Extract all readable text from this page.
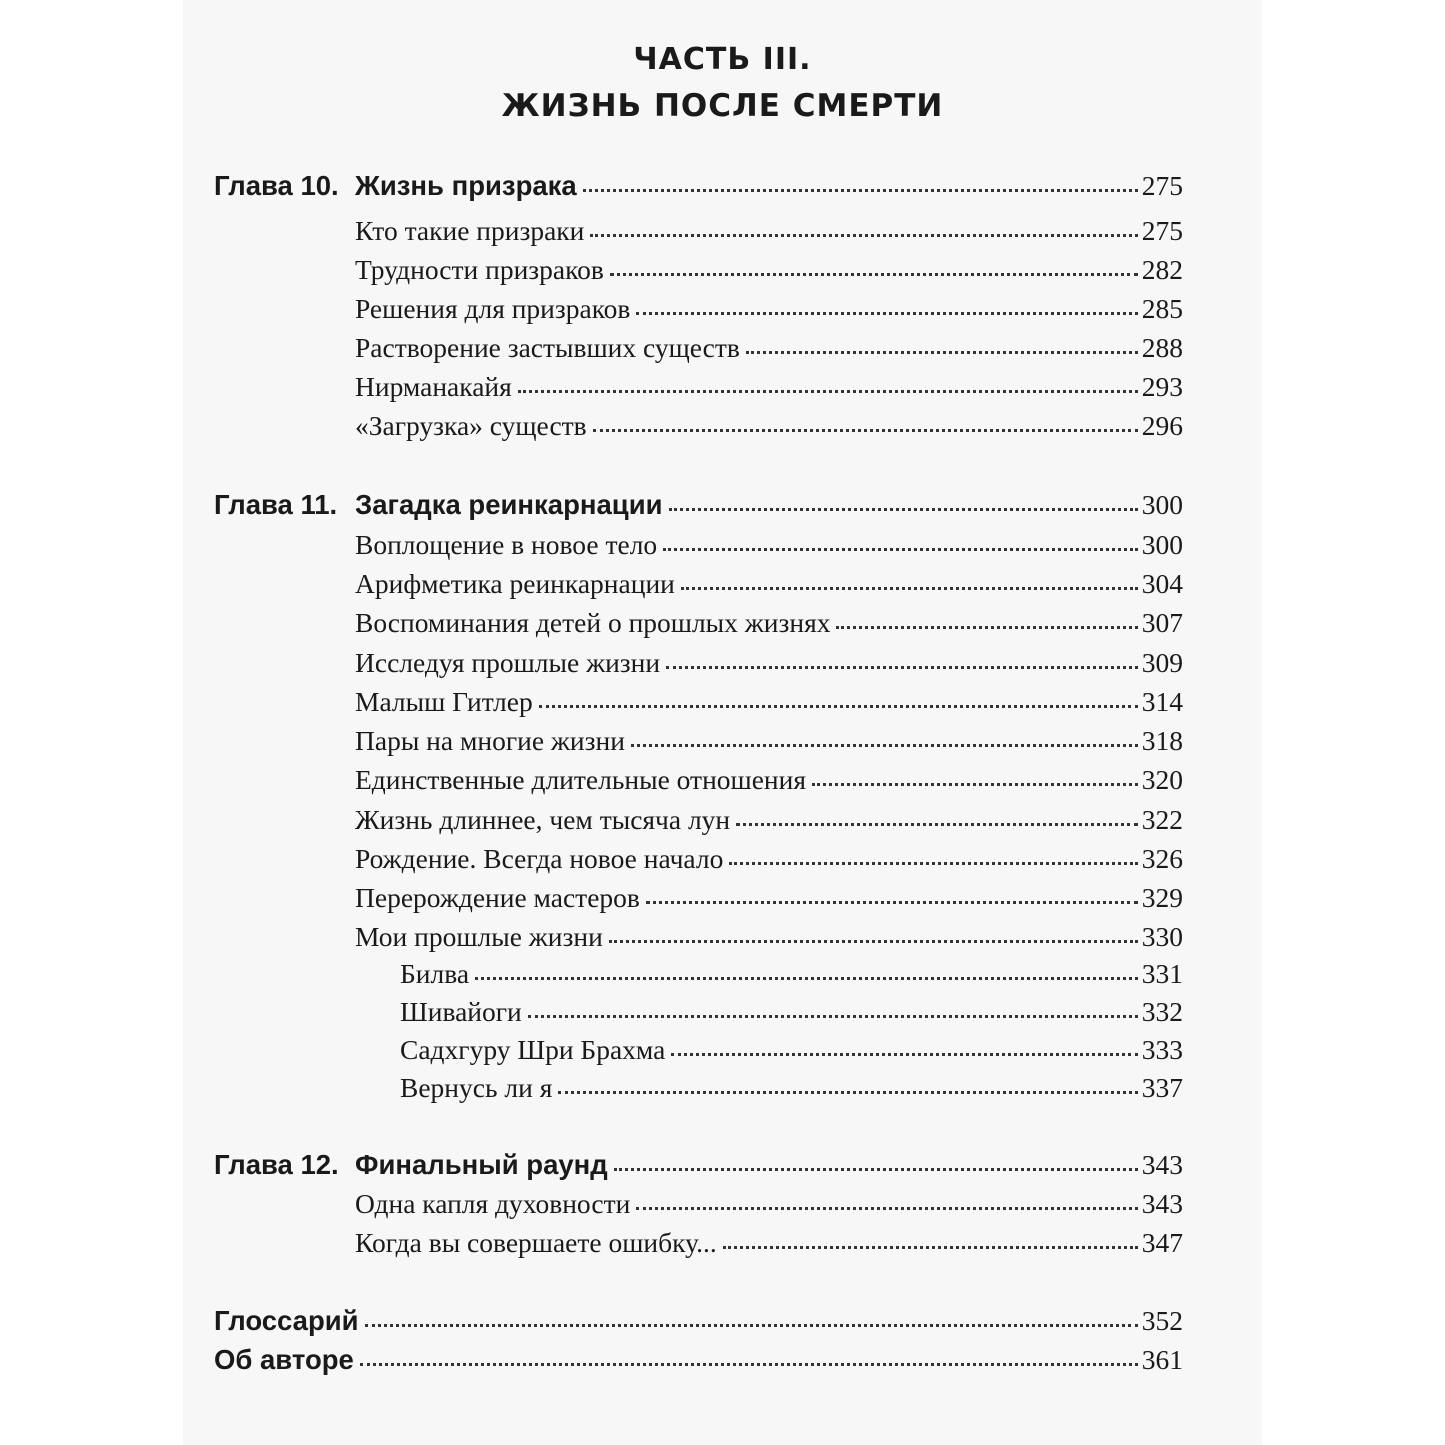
ЧАСТЬ III.
ЖИЗНЬ ПОСЛЕ СМЕРТИ
Глава 10. Жизнь призрака	275
Кто такие призраки	275
Трудности призраков	282
Решения для призраков	285
Растворение застывших существ	288
Нирманакайя	293
«Загрузка» существ	296
Глава 11. Загадка реинкарнации	300
Воплощение в новое тело	300
Арифметика реинкарнации	304
Воспоминания детей о прошлых жизнях	307
Исследуя прошлые жизни	309
Малыш Гитлер	314
Пары на многие жизни	318
Единственные длительные отношения	320
Жизнь длиннее, чем тысяча лун	322
Рождение. Всегда новое начало	326
Перерождение мастеров	329
Мои прошлые жизни	330
Билва	331
Шивайоги	332
Садхгуру Шри Брахма	333
Вернусь ли я	337
Глава 12. Финальный раунд	343
Одна капля духовности	343
Когда вы совершаете ошибку...	347
Глоссарий	352
Об авторе	361
